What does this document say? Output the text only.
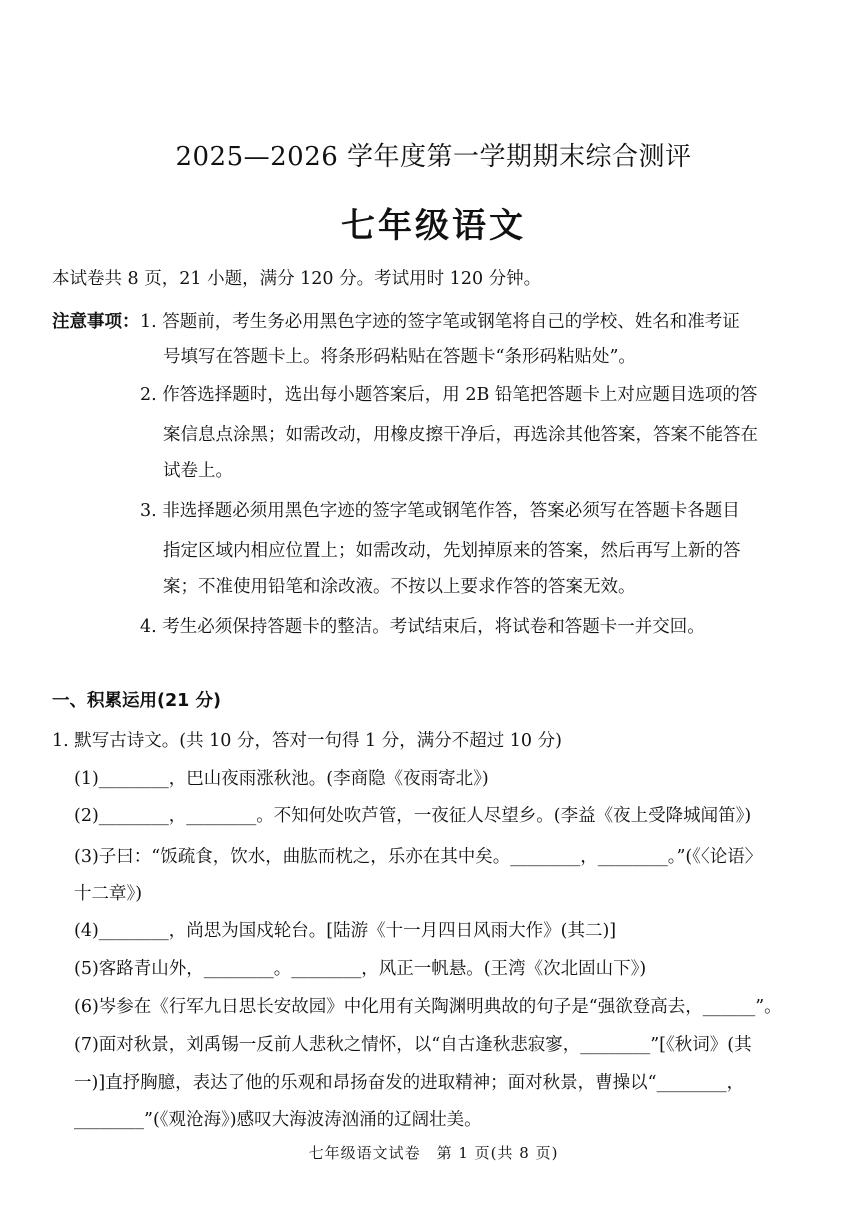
2025—2026 学年度第一学期期末综合测评
七年级语文
本试卷共 8 页，21 小题，满分 120 分。考试用时 120 分钟。
注意事项： 1. 答题前，考生务必用黑色字迹的签字笔或钢笔将自己的学校、姓名和准考证
号填写在答题卡上。将条形码粘贴在答题卡“条形码粘贴处”。
2. 作答选择题时，选出每小题答案后，用 2B 铅笔把答题卡上对应题目选项的答
案信息点涂黑；如需改动，用橡皮擦干净后，再选涂其他答案，答案不能答在
试卷上。
3. 非选择题必须用黑色字迹的签字笔或钢笔作答，答案必须写在答题卡各题目
指定区域内相应位置上；如需改动，先划掉原来的答案，然后再写上新的答
案；不准使用铅笔和涂改液。不按以上要求作答的答案无效。
4. 考生必须保持答题卡的整洁。考试结束后，将试卷和答题卡一并交回。
一、积累运用(21 分)
1. 默写古诗文。(共 10 分，答对一句得 1 分，满分不超过 10 分)
(1)________，巴山夜雨涨秋池。(李商隐《夜雨寄北》)
(2)________，________。不知何处吹芦管，一夜征人尽望乡。(李益《夜上受降城闻笛》)
(3)子曰：“饭疏食，饮水，曲肱而枕之，乐亦在其中矣。________，________。”(《〈论语〉
十二章》)
(4)________，尚思为国戍轮台。[陆游《十一月四日风雨大作》(其二)]
(5)客路青山外，________。________，风正一帆悬。(王湾《次北固山下》)
(6)岑参在《行军九日思长安故园》中化用有关陶渊明典故的句子是“强欲登高去，______”。
(7)面对秋景，刘禹锡一反前人悲秋之情怀，以“自古逢秋悲寂寥，________”[《秋词》(其
一)]直抒胸臆，表达了他的乐观和昂扬奋发的进取精神；面对秋景，曹操以“________，
________”(《观沧海》)感叹大海波涛汹涌的辽阔壮美。
七年级语文试卷　第 1 页(共 8 页)
